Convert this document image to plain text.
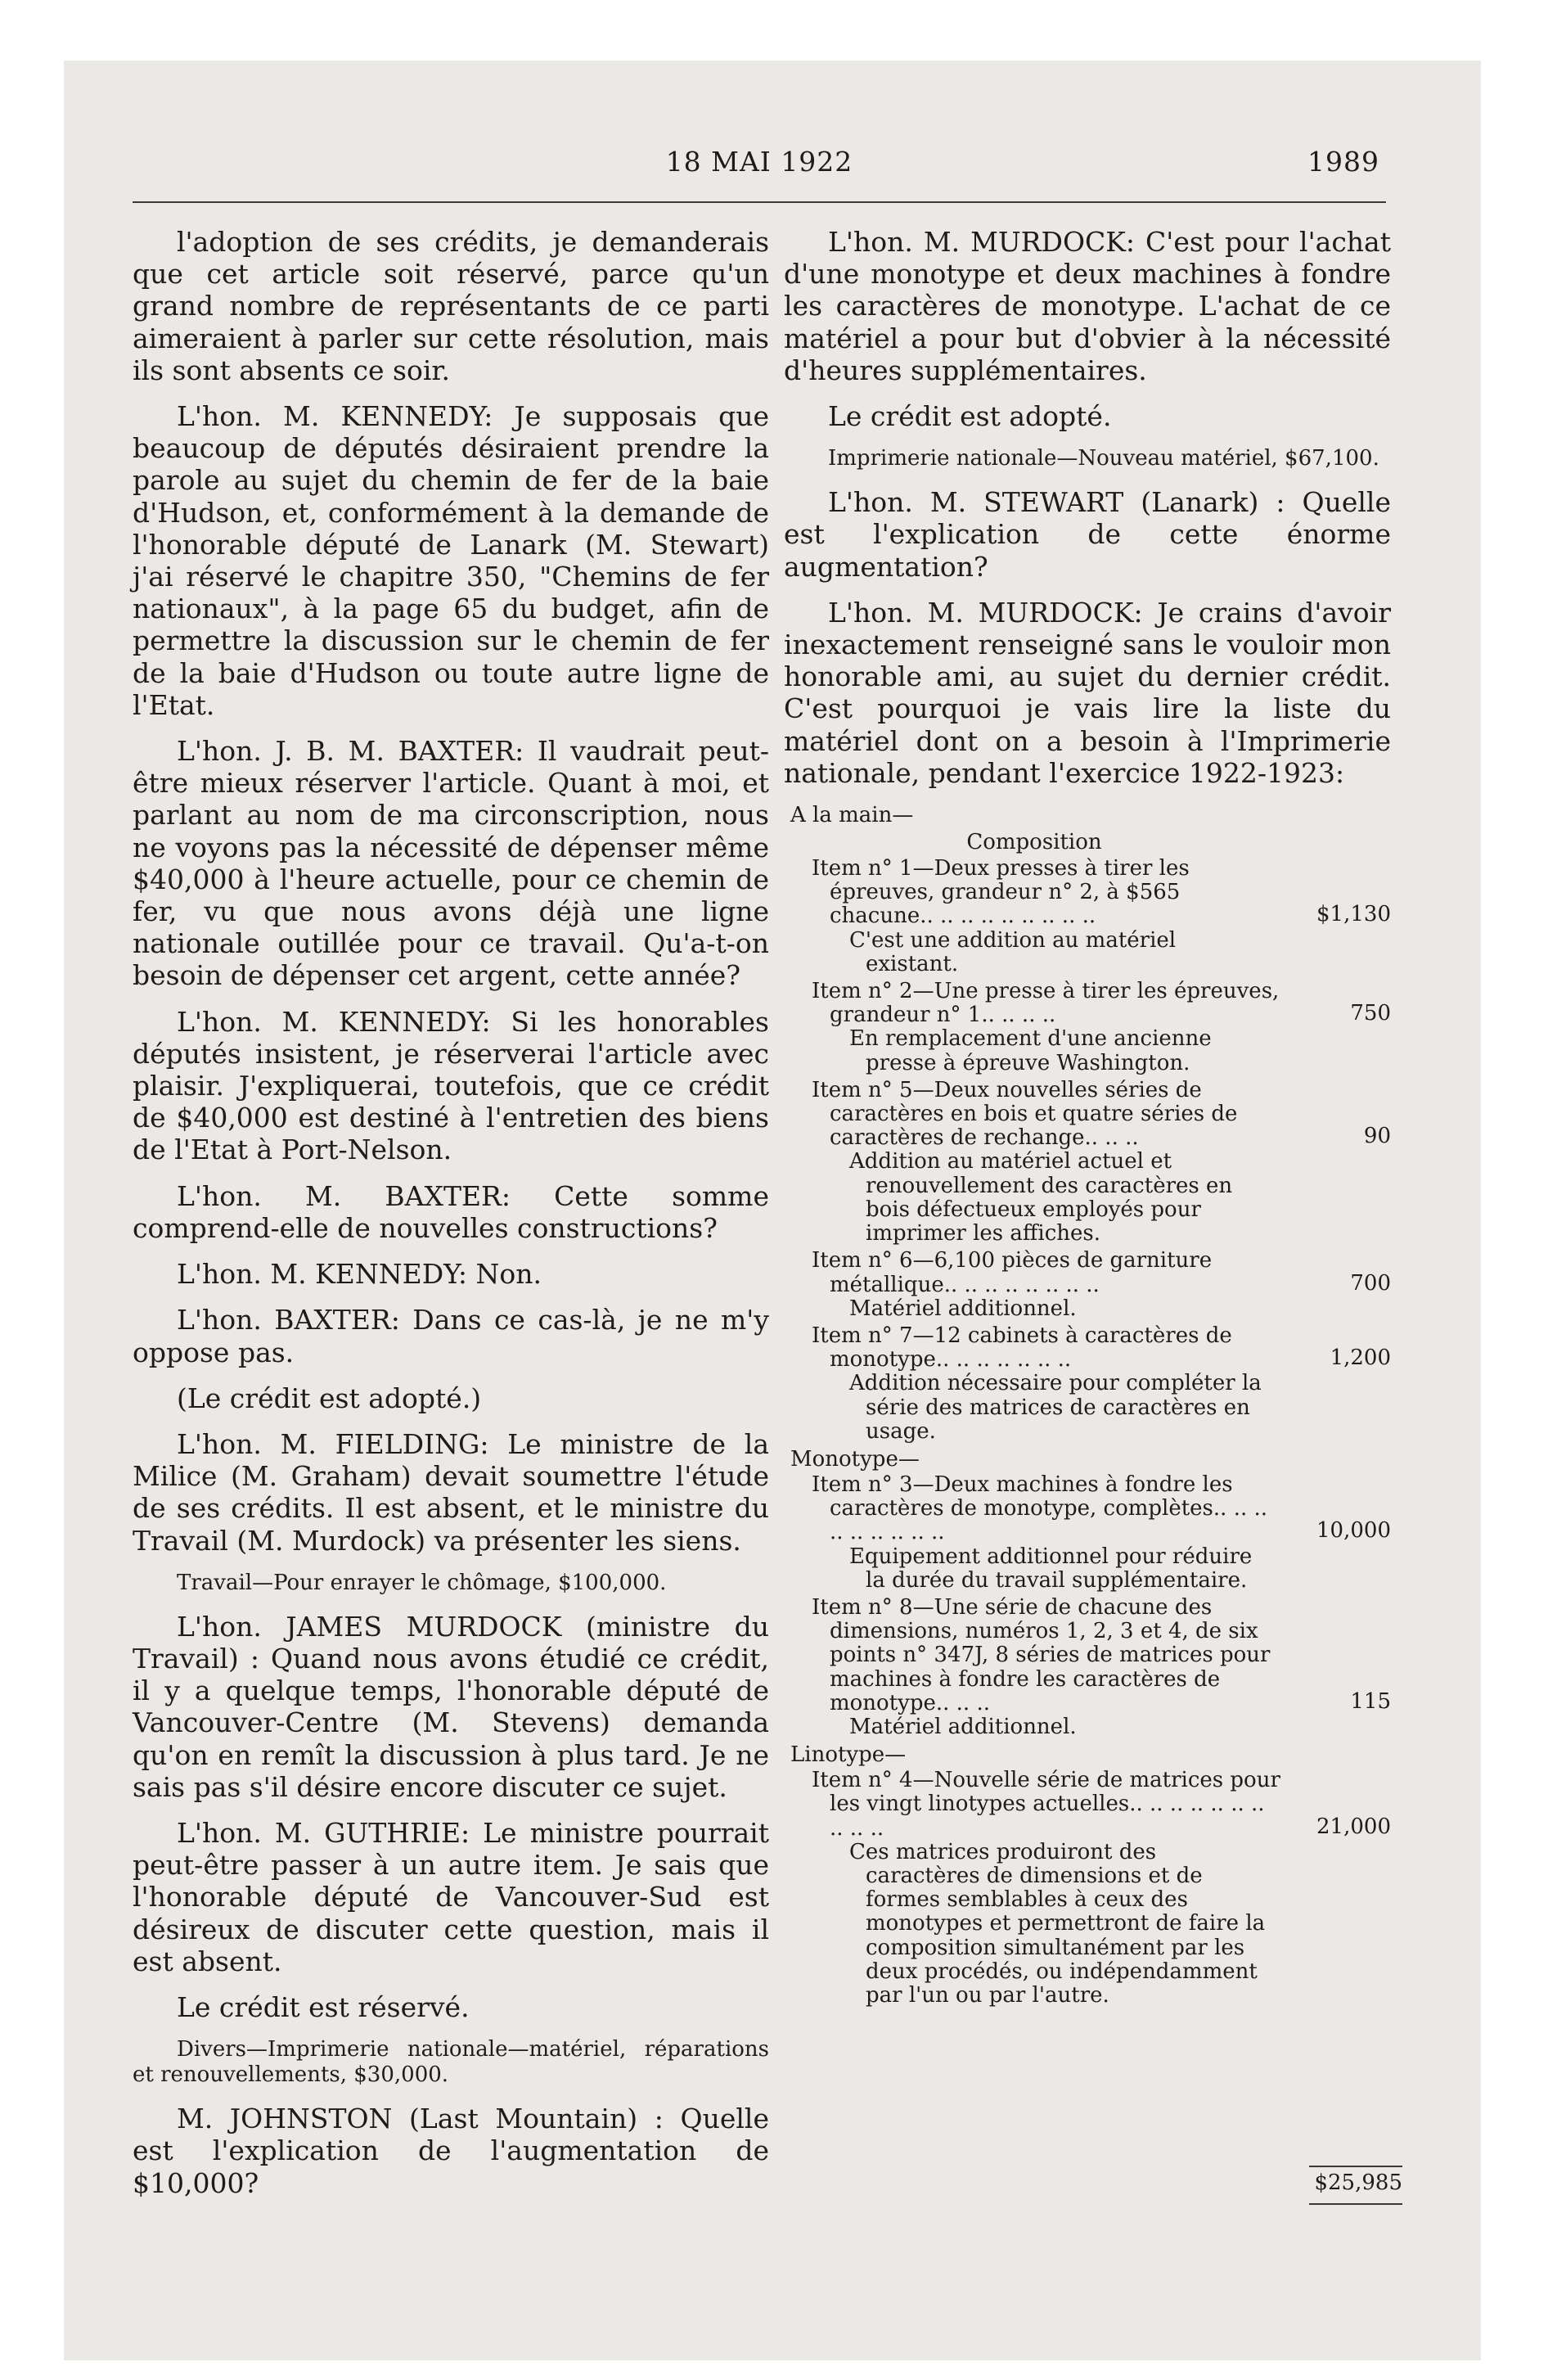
18 MAI 1922	1989

l'adoption de ses crédits, je demanderais que cet article soit réservé, parce qu'un grand nombre de représentants de ce parti aimeraient à parler sur cette résolution, mais ils sont absents ce soir.

L'hon. M. KENNEDY: Je supposais que beaucoup de députés désiraient prendre la parole au sujet du chemin de fer de la baie d'Hudson, et, conformément à la demande de l'honorable député de Lanark (M. Stewart) j'ai réservé le chapitre 350, "Chemins de fer nationaux", à la page 65 du budget, afin de permettre la discussion sur le chemin de fer de la baie d'Hudson ou toute autre ligne de l'Etat.

L'hon. J. B. M. BAXTER: Il vaudrait peut-être mieux réserver l'article. Quant à moi, et parlant au nom de ma circonscription, nous ne voyons pas la nécessité de dépenser même $40,000 à l'heure actuelle, pour ce chemin de fer, vu que nous avons déjà une ligne nationale outillée pour ce travail. Qu'a-t-on besoin de dépenser cet argent, cette année?

L'hon. M. KENNEDY: Si les honorables députés insistent, je réserverai l'article avec plaisir. J'expliquerai, toutefois, que ce crédit de $40,000 est destiné à l'entretien des biens de l'Etat à Port-Nelson.

L'hon. M. BAXTER: Cette somme comprend-elle de nouvelles constructions?

L'hon. M. KENNEDY: Non.

L'hon. BAXTER: Dans ce cas-là, je ne m'y oppose pas.

(Le crédit est adopté.)

L'hon. M. FIELDING: Le ministre de la Milice (M. Graham) devait soumettre l'étude de ses crédits. Il est absent, et le ministre du Travail (M. Murdock) va présenter les siens.

Travail—Pour enrayer le chômage, $100,000.

L'hon. JAMES MURDOCK (ministre du Travail) : Quand nous avons étudié ce crédit, il y a quelque temps, l'honorable député de Vancouver-Centre (M. Stevens) demanda qu'on en remît la discussion à plus tard. Je ne sais pas s'il désire encore discuter ce sujet.

L'hon. M. GUTHRIE: Le ministre pourrait peut-être passer à un autre item. Je sais que l'honorable député de Vancouver-Sud est désireux de discuter cette question, mais il est absent.

Le crédit est réservé.

Divers—Imprimerie nationale—matériel, réparations et renouvellements, $30,000.

M. JOHNSTON (Last Mountain) : Quelle est l'explication de l'augmentation de $10,000?

L'hon. M. MURDOCK: C'est pour l'achat d'une monotype et deux machines à fondre les caractères de monotype. L'achat de ce matériel a pour but d'obvier à la nécessité d'heures supplémentaires.

Le crédit est adopté.

Imprimerie nationale—Nouveau matériel, $67,100.

L'hon. M. STEWART (Lanark) : Quelle est l'explication de cette énorme augmentation?

L'hon. M. MURDOCK: Je crains d'avoir inexactement renseigné sans le vouloir mon honorable ami, au sujet du dernier crédit. C'est pourquoi je vais lire la liste du matériel dont on a besoin à l'Imprimerie nationale, pendant l'exercice 1922-1923:

A la main—

Composition

Item n° 1—Deux presses à tirer les épreuves, grandeur n° 2, à $565 chacune.. .. .. .. .. .. .. .. ..	$1,130

C'est une addition au matériel existant.

Item n° 2—Une presse à tirer les épreuves, grandeur n° 1.. .. .. ..	750

En remplacement d'une ancienne presse à épreuve Washington.

Item n° 5—Deux nouvelles séries de caractères en bois et quatre séries de caractères de rechange.. .. ..	90

Addition au matériel actuel et renouvellement des caractères en bois défectueux employés pour imprimer les affiches.

Item n° 6—6,100 pièces de garniture métallique.. .. .. .. .. .. .. ..	700

Matériel additionnel.

Item n° 7—12 cabinets à caractères de monotype.. .. .. .. .. .. ..	1,200

Addition nécessaire pour compléter la série des matrices de caractères en usage.

Monotype—

Item n° 3—Deux machines à fondre les caractères de monotype, complètes.. .. .. .. .. .. .. .. ..	10,000

Equipement additionnel pour réduire la durée du travail supplémentaire.

Item n° 8—Une série de chacune des dimensions, numéros 1, 2, 3 et 4, de six points n° 347J, 8 séries de matrices pour machines à fondre les caractères de monotype.. .. ..	115

Matériel additionnel.

Linotype—

Item n° 4—Nouvelle série de matrices pour les vingt linotypes actuelles.. .. .. .. .. .. .. .. .. ..	21,000

Ces matrices produiront des caractères de dimensions et de formes semblables à ceux des monotypes et permettront de faire la composition simultanément par les deux procédés, ou indépendamment par l'un ou par l'autre.

$25,985
